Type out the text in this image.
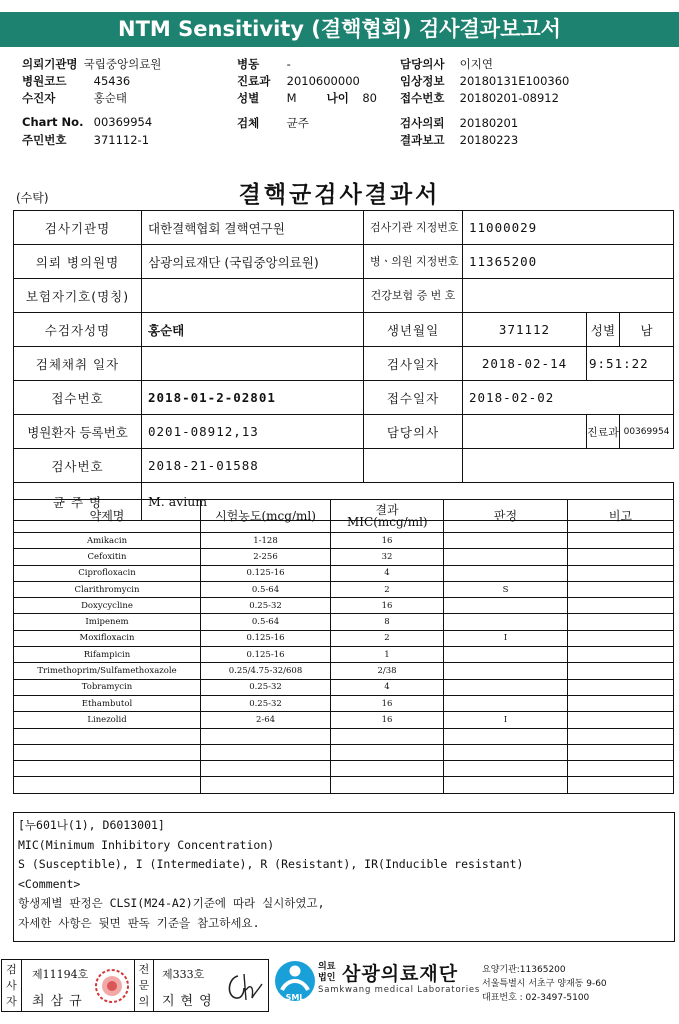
NTM Sensitivity (결핵협회) 검사결과보고서
의뢰기관명 국립중앙의료원
병원코드 45436
수진자	홍순태
Chart No. 00369954
주민번호 371112-1
병동 -
진료과 2010600000
성별 M	나이 80
검체 균주
담당의사 이지연
임상정보 20180131E100360
접수번호 20180201-08912
검사의뢰 20180201
결과보고 20180223
(수탁)	결핵균검사결과서
검사기관명	대한결핵협회 결핵연구원	검사기관 지정번호	11000029		
의뢰 병의원명	삼광의료재단 (국립중앙의료원)	병ㆍ의원 지정번호	11365200		
보험자기호(명칭)		건강보험 증 번 호			
수검자성명	홍순태	생년월일	371112	성별	남
검체채취 일자		검사일자	2018-02-14	9:51:22	
접수번호	2018-01-2-02801	접수일자	2018-02-02		
병원환자 등록번호	0201-08912,13	담당의사		진료과	00369954
검사번호	2018-21-01588				
균 주 명	M. avium				
약제명	시험농도(mcg/ml)	결과 MIC(mcg/ml)	판정	비고
Amikacin	1-128	16		
Cefoxitin	2-256	32		
Ciprofloxacin	0.125-16	4		
Clarithromycin	0.5-64	2	S	
Doxycycline	0.25-32	16		
Imipenem	0.5-64	8		
Moxifloxacin	0.125-16	2	I	
Rifampicin	0.125-16	1		
Trimethoprim/Sulfamethoxazole	0.25/4.75-32/608	2/38		
Tobramycin	0.25-32	4		
Ethambutol	0.25-32	16		
Linezolid	2-64	16	I	

[누601나(1), D6013001]
MIC(Minimum Inhibitory Concentration)
S (Susceptible), I (Intermediate), R (Resistant), IR(Inducible resistant)
<Comment>
항생제별 판정은 CLSI(M24-A2)기준에 따라 실시하였고,
자세한 사항은 뒷면 판독 기준을 참고하세요.
검사자
제11194호
최삼규
전문의
제333호
지현영	SML
의료
법인 삼광의료재단
Samkwang medical Laboratories
요양기관:11365200
서울특별시 서초구 양재동 9-60
대표번호 : 02-3497-5100
